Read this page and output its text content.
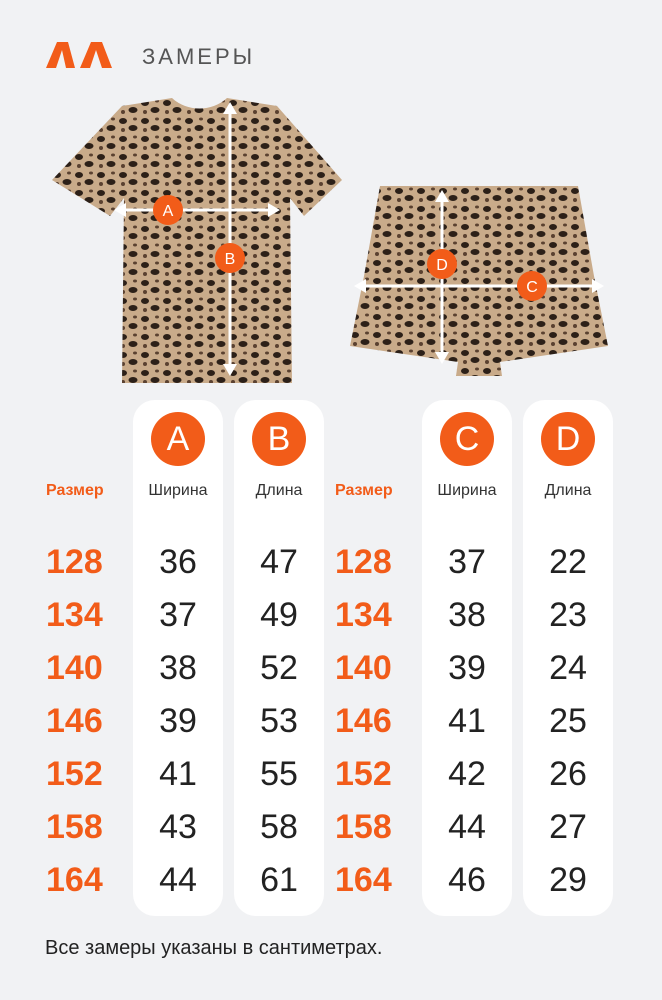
ЗАМЕРЫ
A
B	D
C
A	B	C	D
Размер	Ширина	Длина	Размер	Ширина	Длина
128	36	47	128	37	22
134	37	49	134	38	23
140	38	52	140	39	24
146	39	53	146	41	25
152	41	55	152	42	26
158	43	58	158	44	27
164	44	61	164	46	29
Все замеры указаны в сантиметрах.
